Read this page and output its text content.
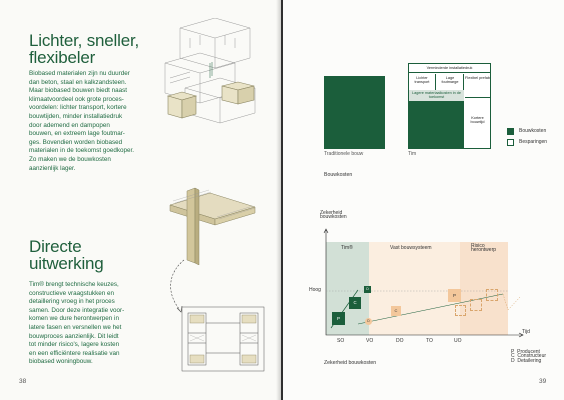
Lichter, sneller,
flexibeler
Biobased materialen zijn nu duurder
dan beton, staal en kalkzandsteen.
Maar biobased bouwen biedt naast
klimaatvoordeel ook grote proces-
voordelen: lichter transport, kortere
bouwtijden, minder installatiedruk
door ademend en dampopen
bouwen, en extreem lage foutmar-
ges. Bovendien worden biobased
materialen in de toekomst goedkoper.
Zo maken we de bouwkosten
aanzienlijk lager.
Directe
uitwerking
Tim® brengt technische keuzes,
constructieve vraagstukken en
detaillering vroeg in het proces
samen. Door deze integratie voor-
komen we dure herontwerpen in
latere fasen en versnellen we het
bouwproces aanzienlijk. Dit leidt
tot minder risico's, lagere kosten
en een efficiëntere realisatie van
biobased woningbouw.
38
Verminderde installatiedruk
Lichter transport
Lage foutmarge
Flexibel prefab
Lagere materiaalkosten in de toekomst
Kortere bouwtijd
Traditionele bouw	Tim
Bouwkosten
Bouwkosten
Besparingen
Zekerheid
bouwkosten
Tim®	Vast bouwsysteem	Risico herontwerp
P
C
D
D
C
P
Hoog
Tijd
SO	VO	DO	TO	UO
Zekerheid bouwkosten
P Producent
C Constructeur
D Detailering
39
